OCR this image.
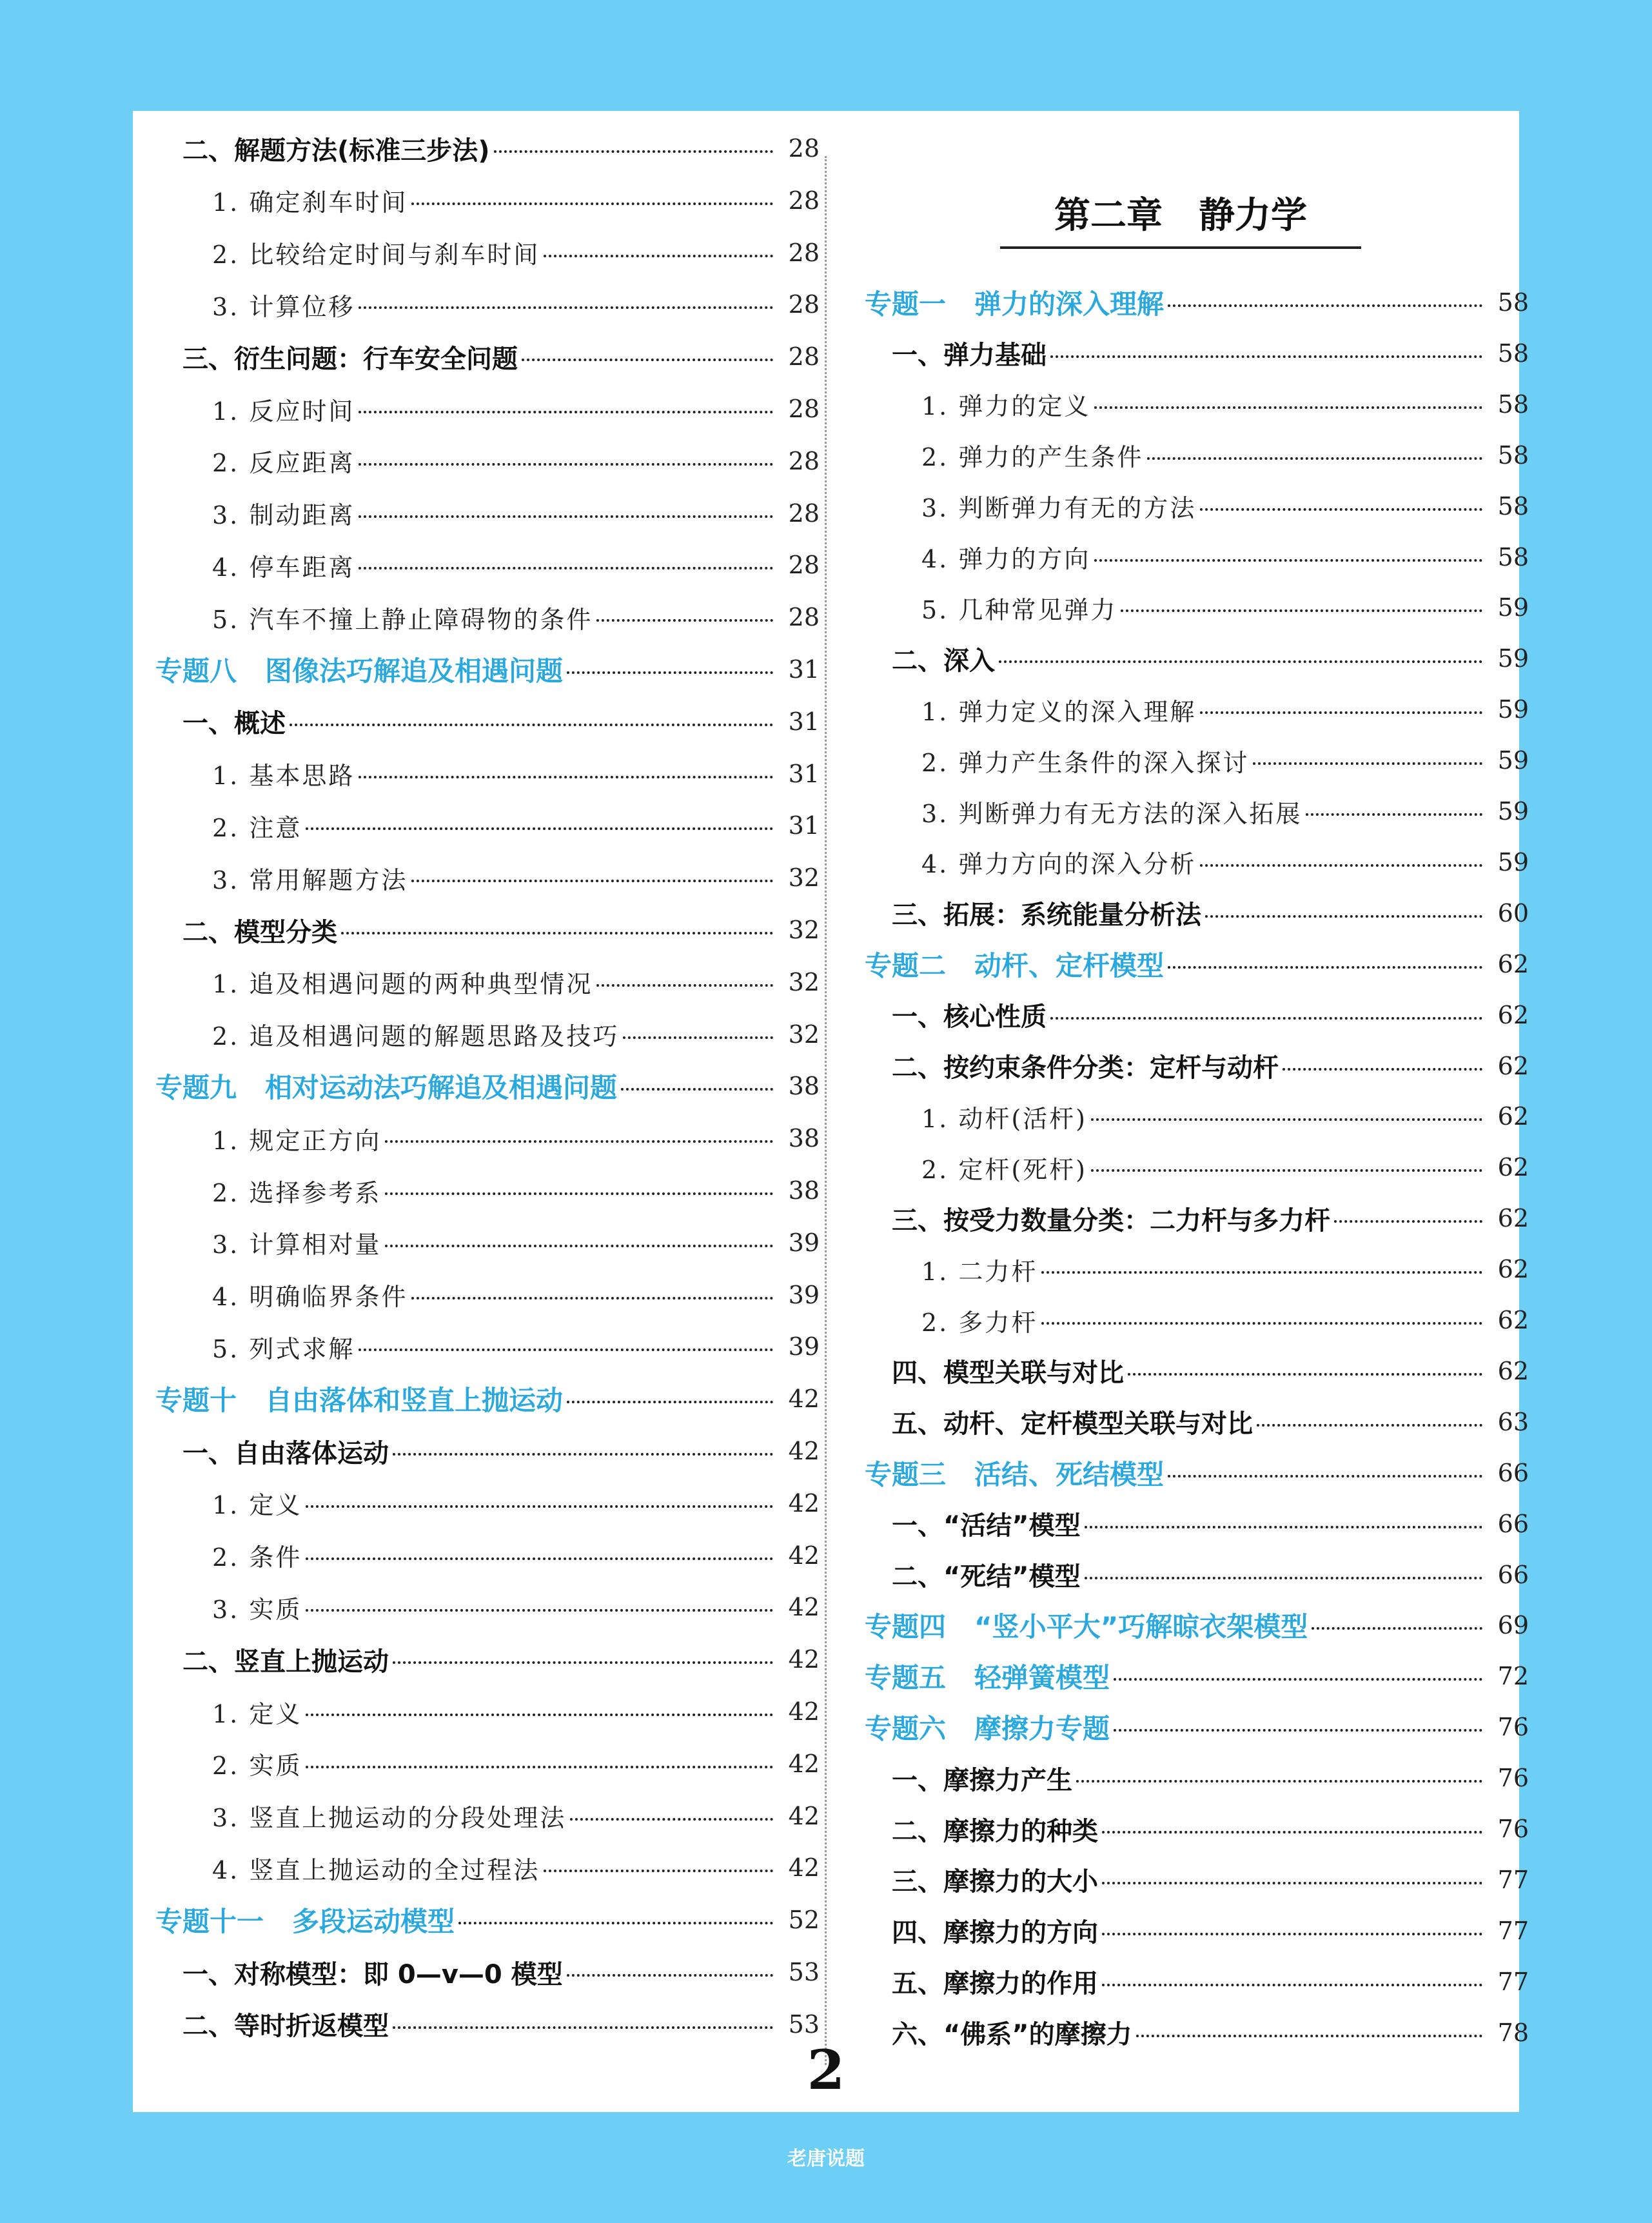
二、解题方法(标准三步法)	28
1. 确定刹车时间	28
2. 比较给定时间与刹车时间	28
3. 计算位移	28
三、衍生问题：行车安全问题	28
1. 反应时间	28
2. 反应距离	28
3. 制动距离	28
4. 停车距离	28
5. 汽车不撞上静止障碍物的条件	28
专题八 图像法巧解追及相遇问题	31
一、概述	31
1. 基本思路	31
2. 注意	31
3. 常用解题方法	32
二、模型分类	32
1. 追及相遇问题的两种典型情况	32
2. 追及相遇问题的解题思路及技巧	32
专题九 相对运动法巧解追及相遇问题	38
1. 规定正方向	38
2. 选择参考系	38
3. 计算相对量	39
4. 明确临界条件	39
5. 列式求解	39
专题十 自由落体和竖直上抛运动	42
一、自由落体运动	42
1. 定义	42
2. 条件	42
3. 实质	42
二、竖直上抛运动	42
1. 定义	42
2. 实质	42
3. 竖直上抛运动的分段处理法	42
4. 竖直上抛运动的全过程法	42
专题十一 多段运动模型	52
一、对称模型：即 0—v—0 模型	53
二、等时折返模型	53
第二章　静力学
专题一 弹力的深入理解	58
一、弹力基础	58
1. 弹力的定义	58
2. 弹力的产生条件	58
3. 判断弹力有无的方法	58
4. 弹力的方向	58
5. 几种常见弹力	59
二、深入	59
1. 弹力定义的深入理解	59
2. 弹力产生条件的深入探讨	59
3. 判断弹力有无方法的深入拓展	59
4. 弹力方向的深入分析	59
三、拓展：系统能量分析法	60
专题二 动杆、定杆模型	62
一、核心性质	62
二、按约束条件分类：定杆与动杆	62
1. 动杆(活杆)	62
2. 定杆(死杆)	62
三、按受力数量分类：二力杆与多力杆	62
1. 二力杆	62
2. 多力杆	62
四、模型关联与对比	62
五、动杆、定杆模型关联与对比	63
专题三 活结、死结模型	66
一、“活结”模型	66
二、“死结”模型	66
专题四 “竖小平大”巧解晾衣架模型	69
专题五 轻弹簧模型	72
专题六 摩擦力专题	76
一、摩擦力产生	76
二、摩擦力的种类	76
三、摩擦力的大小	77
四、摩擦力的方向	77
五、摩擦力的作用	77
六、“佛系”的摩擦力	78
2
老唐说题
